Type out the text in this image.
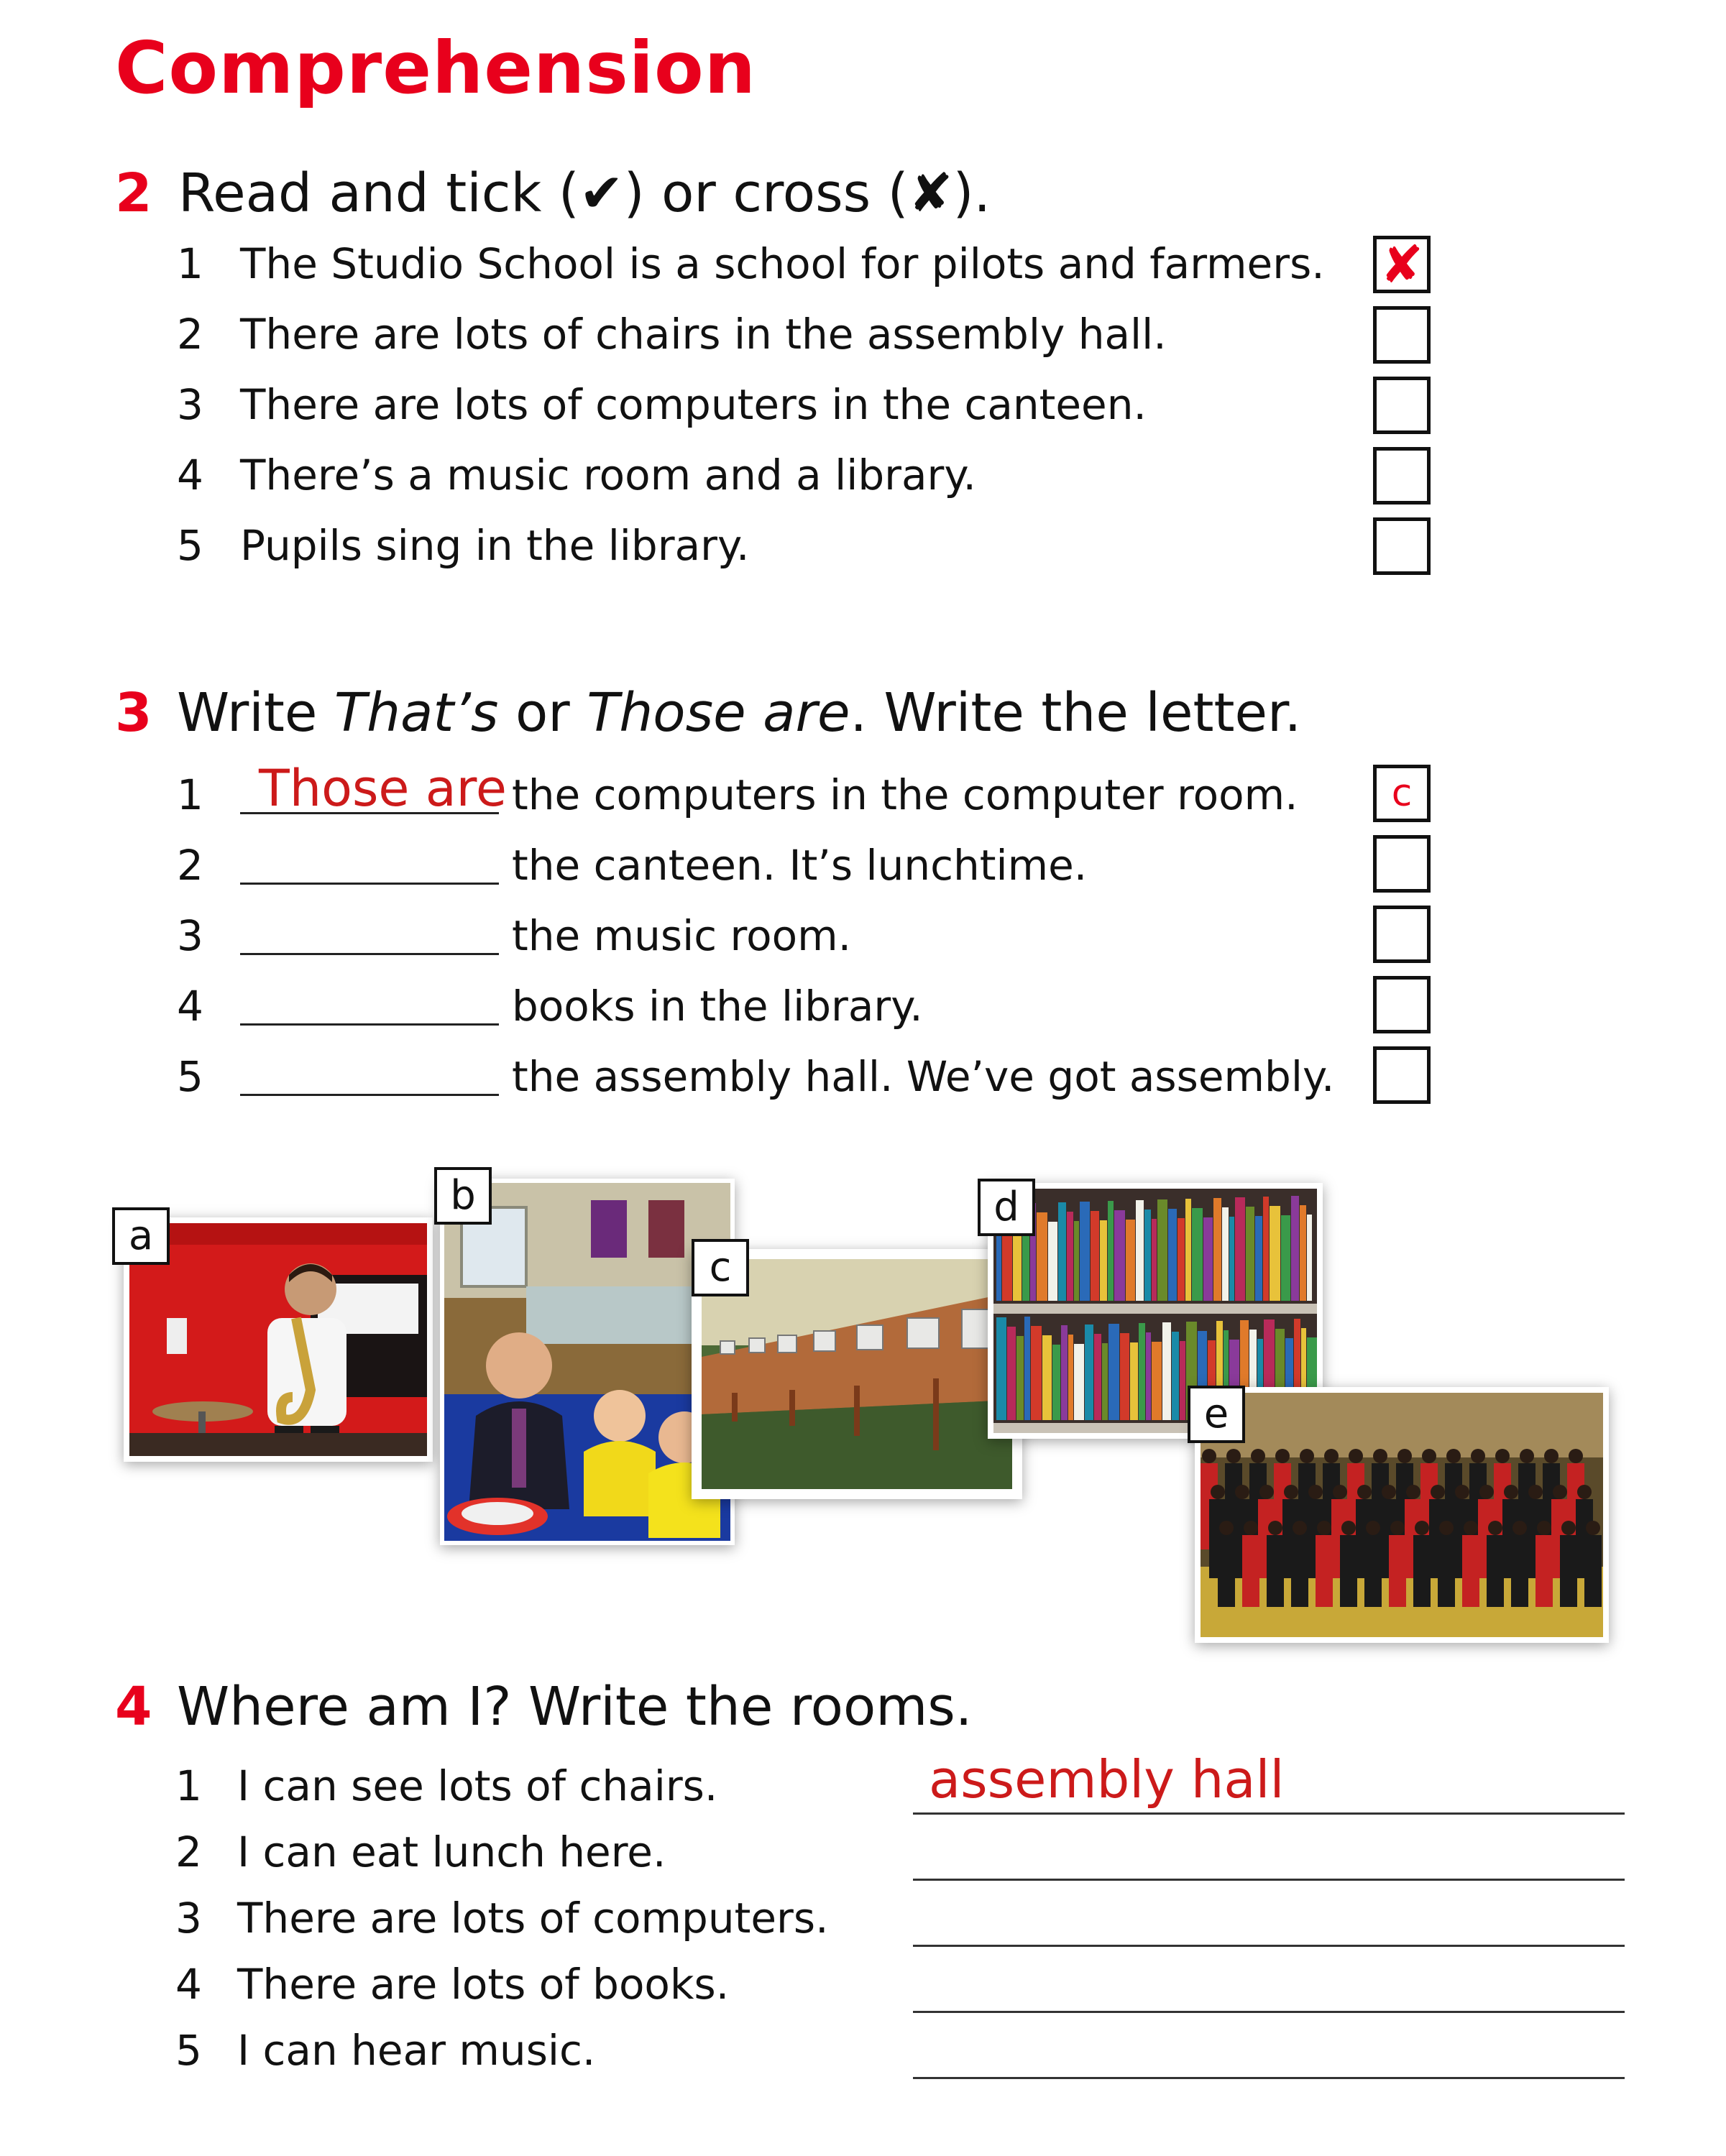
Comprehension
2 Read and tick (✔) or cross (✘).
1 The Studio School is a school for pilots and farmers. ✘
2 There are lots of chairs in the assembly hall.
3 There are lots of computers in the canteen.
4 There’s a music room and a library.
5 Pupils sing in the library.
3 Write That’s or Those are. Write the letter.
1 Those are the computers in the computer room.	c
2	the canteen. It’s lunchtime.
3	the music room.
4	books in the library.
5	the assembly hall. We’ve got assembly.
a
b
c
d
e
4 Where am I? Write the rooms.
1 I can see lots of chairs.	assembly hall
2 I can eat lunch here.
3 There are lots of computers.
4 There are lots of books.
5 I can hear music.
